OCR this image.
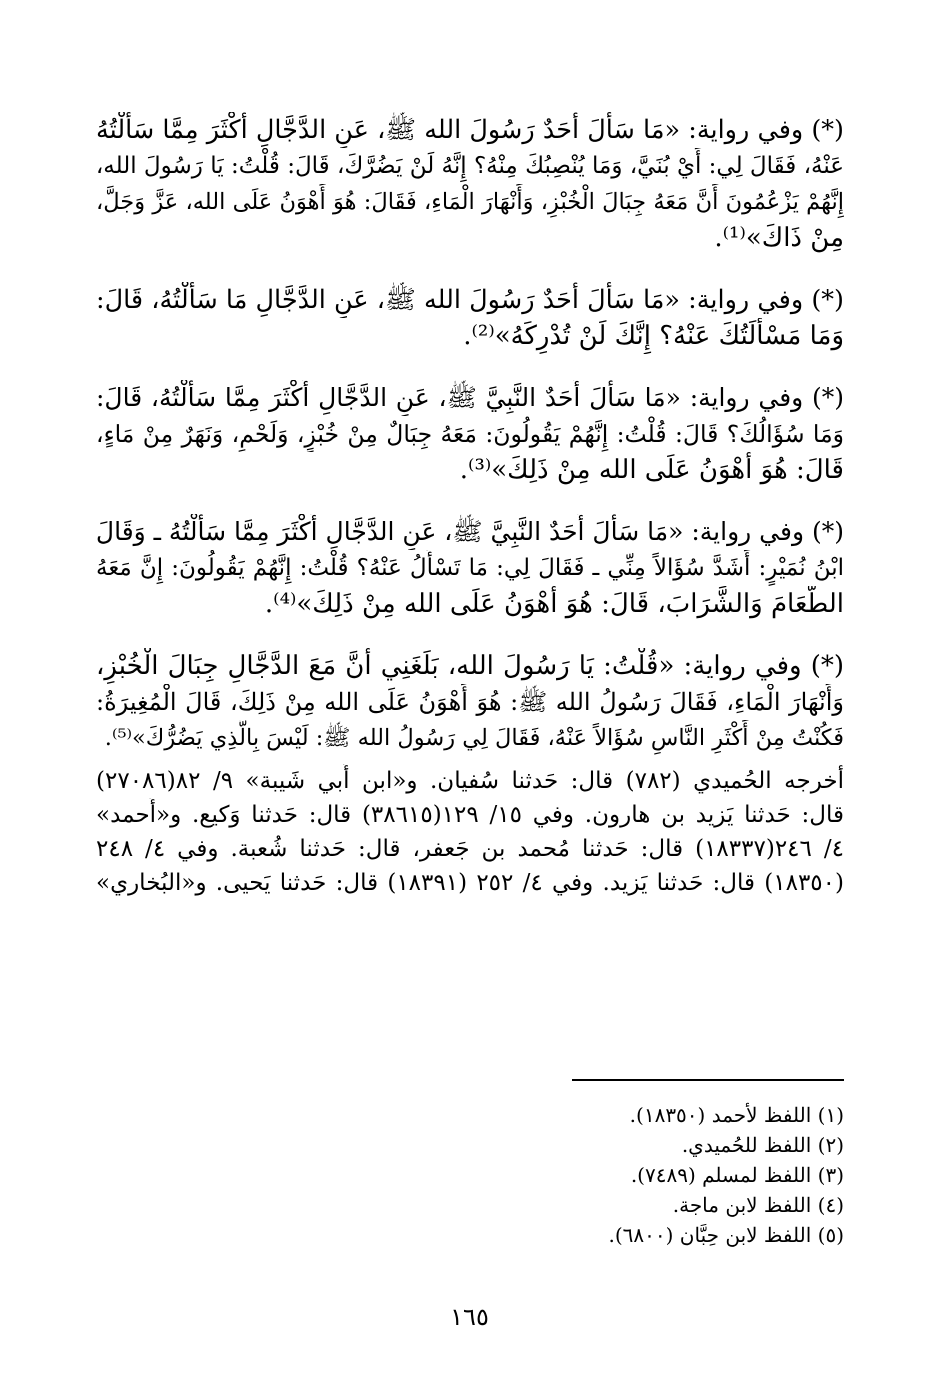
(*) وفي رواية: «مَا سَأَلَ أَحَدٌ رَسُولَ الله ﷺ، عَنِ الدَّجَّالِ أَكْثَرَ مِمَّا سَأَلْتُهُ
عَنْهُ، فَقَالَ لِي: أَيْ بُنَيَّ، وَمَا يُنْصِبُكَ مِنْهُ؟ إِنَّهُ لَنْ يَضُرَّكَ، قَالَ: قُلْتُ: يَا رَسُولَ الله،
إِنَّهُمْ يَزْعُمُونَ أَنَّ مَعَهُ جِبَالَ الْخُبْزِ، وَأَنْهَارَ الْمَاءِ، فَقَالَ: هُوَ أَهْوَنُ عَلَى الله، عَزَّ وَجَلَّ،
مِنْ ذَاكَ»⁽¹⁾.
(*) وفي رواية: «مَا سَأَلَ أَحَدٌ رَسُولَ الله ﷺ، عَنِ الدَّجَّالِ مَا سَأَلْتُهُ، قَالَ:
وَمَا مَسْأَلَتُكَ عَنْهُ؟ إِنَّكَ لَنْ تُدْرِكَهُ»⁽²⁾.
(*) وفي رواية: «مَا سَأَلَ أَحَدٌ النَّبِيَّ ﷺ، عَنِ الدَّجَّالِ أَكْثَرَ مِمَّا سَأَلْتُهُ، قَالَ:
وَمَا سُؤَالُكَ؟ قَالَ: قُلْتُ: إِنَّهُمْ يَقُولُونَ: مَعَهُ جِبَالٌ مِنْ خُبْزٍ، وَلَحْمٍ، وَنَهَرٌ مِنْ مَاءٍ،
قَالَ: هُوَ أَهْوَنُ عَلَى الله مِنْ ذَلِكَ»⁽³⁾.
(*) وفي رواية: «مَا سَأَلَ أَحَدٌ النَّبِيَّ ﷺ، عَنِ الدَّجَّالِ أَكْثَرَ مِمَّا سَأَلْتُهُ ـ وَقَالَ
ابْنُ نُمَيْرٍ: أَشَدَّ سُؤَالاً مِنِّي ـ فَقَالَ لِي: مَا تَسْأَلُ عَنْهُ؟ قُلْتُ: إِنَّهُمْ يَقُولُونَ: إِنَّ مَعَهُ
الطَّعَامَ وَالشَّرَابَ، قَالَ: هُوَ أَهْوَنُ عَلَى الله مِنْ ذَلِكَ»⁽⁴⁾.
(*) وفي رواية: «قُلْتُ: يَا رَسُولَ الله، بَلَغَنِي أَنَّ مَعَ الدَّجَّالِ جِبَالَ الْخُبْزِ،
وَأَنْهَارَ الْمَاءِ، فَقَالَ رَسُولُ الله ﷺ: هُوَ أَهْوَنُ عَلَى الله مِنْ ذَلِكَ، قَالَ الْمُغِيرَةُ:
فَكُنْتُ مِنْ أَكْثَرِ النَّاسِ سُؤَالاً عَنْهُ، فَقَالَ لِي رَسُولُ الله ﷺ: لَيْسَ بِالَّذِي يَضُرُّكَ»⁽⁵⁾.
أخرجه الحُميدي (٧٨٢) قال: حَدثنا سُفيان. و«ابن أَبي شَيبة» ٩/ ٨٢(٢٧٠٨٦)
قال: حَدثنا يَزيد بن هارون. وفي ١٥/ ١٢٩(٣٨٦١٥) قال: حَدثنا وَكيع. و«أَحمد»
٤/ ٢٤٦(١٨٣٣٧) قال: حَدثنا مُحمد بن جَعفر، قال: حَدثنا شُعبة. وفي ٤/ ٢٤٨
(١٨٣٥٠) قال: حَدثنا يَزيد. وفي ٤/ ٢٥٢ (١٨٣٩١) قال: حَدثنا يَحيى. و«البُخاري»
(١) اللفظ لأحمد (١٨٣٥٠).
(٢) اللفظ للحُميدي.
(٣) اللفظ لمسلم (٧٤٨٩).
(٤) اللفظ لابن ماجة.
(٥) اللفظ لابن حِبَّان (٦٨٠٠).
١٦٥
